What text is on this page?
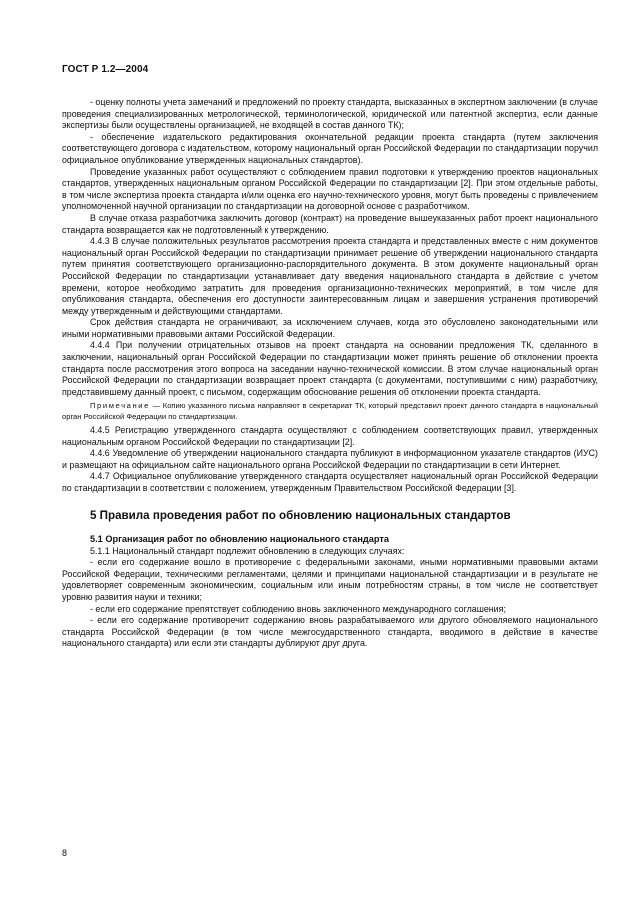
ГОСТ Р 1.2—2004

- оценку полноты учета замечаний и предложений по проекту стандарта, высказанных в экспертном заключении (в случае проведения специализированных метрологической, терминологической, юридической или патентной экспертиз, если данные экспертизы были осуществлены организацией, не входящей в состав данного ТК);

- обеспечение издательского редактирования окончательной редакции проекта стандарта (путем заключения соответствующего договора с издательством, которому национальный орган Российской Федерации по стандартизации поручил официальное опубликование утвержденных национальных стандартов).

Проведение указанных работ осуществляют с соблюдением правил подготовки к утверждению проектов национальных стандартов, утвержденных национальным органом Российской Федерации по стандартизации [2]. При этом отдельные работы, в том числе экспертиза проекта стандарта и/или оценка его научно-технического уровня, могут быть проведены с привлечением уполномоченной научной организации по стандартизации на договорной основе с разработчиком.

В случае отказа разработчика заключить договор (контракт) на проведение вышеуказанных работ проект национального стандарта возвращается как не подготовленный к утверждению.

4.4.3 В случае положительных результатов рассмотрения проекта стандарта и представленных вместе с ним документов национальный орган Российской Федерации по стандартизации принимает решение об утверждении национального стандарта путем принятия соответствующего организационно-распорядительного документа. В этом документе национальный орган Российской Федерации по стандартизации устанавливает дату введения национального стандарта в действие с учетом времени, которое необходимо затратить для проведения организационно-технических мероприятий, в том числе для опубликования стандарта, обеспечения его доступности заинтересованным лицам и завершения устранения противоречий между утвержденным и действующими стандартами.

Срок действия стандарта не ограничивают, за исключением случаев, когда это обусловлено законодательными или иными нормативными правовыми актами Российской Федерации.

4.4.4 При получении отрицательных отзывов на проект стандарта на основании предложения ТК, сделанного в заключении, национальный орган Российской Федерации по стандартизации может принять решение об отклонении проекта стандарта после рассмотрения этого вопроса на заседании научно-технической комиссии. В этом случае национальный орган Российской Федерации по стандартизации возвращает проект стандарта (с документами, поступившими с ним) разработчику, представившему данный проект, с письмом, содержащим обоснование решения об отклонении проекта стандарта.

Примечание — Копию указанного письма направляют в секретариат ТК, который представил проект данного стандарта в национальный орган Российской Федерации по стандартизации.

4.4.5 Регистрацию утвержденного стандарта осуществляют с соблюдением соответствующих правил, утвержденных национальным органом Российской Федерации по стандартизации [2].

4.4.6 Уведомление об утверждении национального стандарта публикуют в информационном указателе стандартов (ИУС) и размещают на официальном сайте национального органа Российской Федерации по стандартизации в сети Интернет.

4.4.7 Официальное опубликование утвержденного стандарта осуществляет национальный орган Российской Федерации по стандартизации в соответствии с положением, утвержденным Правительством Российской Федерации [3].

5 Правила проведения работ по обновлению национальных стандартов
5.1 Организация работ по обновлению национального стандарта

5.1.1 Национальный стандарт подлежит обновлению в следующих случаях:

- если его содержание вошло в противоречие с федеральными законами, иными нормативными правовыми актами Российской Федерации, техническими регламентами, целями и принципами национальной стандартизации и в результате не удовлетворяет современным экономическим, социальным или иным потребностям страны, в том числе не соответствует уровню развития науки и техники;

- если его содержание препятствует соблюдению вновь заключенного международного соглашения;

- если его содержание противоречит содержанию вновь разрабатываемого или другого обновляемого национального стандарта Российской Федерации (в том числе межгосударственного стандарта, вводимого в действие в качестве национального стандарта) или если эти стандарты дублируют друг друга.

8
